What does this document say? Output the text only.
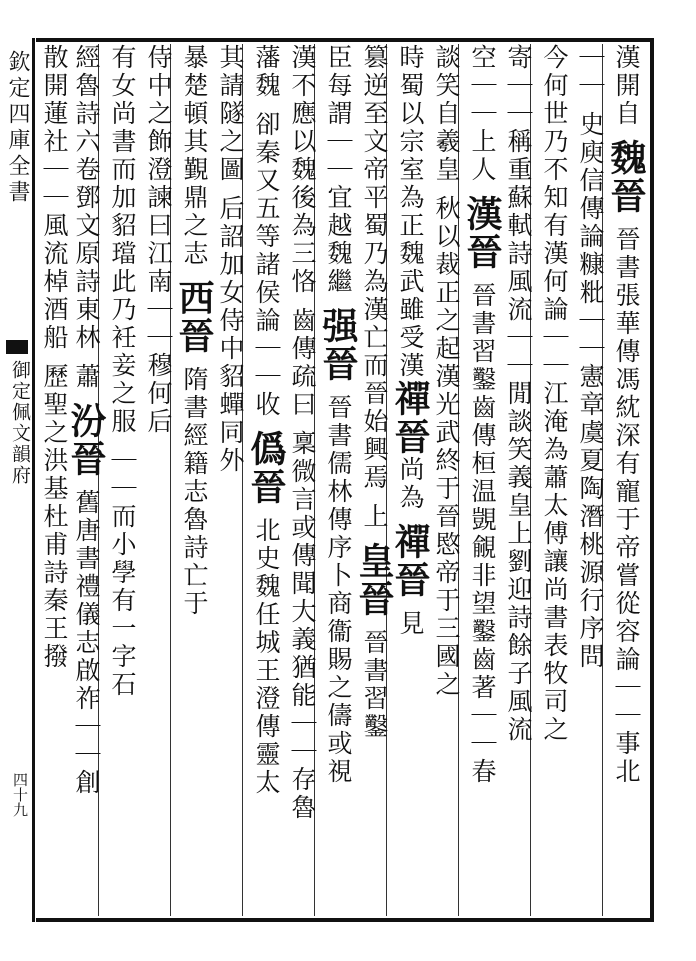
欽定四庫全書
御定佩文韻府
四十九
漢開自 魏晉 晉書張華傳馮紞深有寵于帝嘗從容論｜｜事北
｜｜ 史庾信傳論糠粃｜｜憲章虞夏陶潛桃源行序問
今何世乃不知有漢何論｜｜江淹為蕭太傅讓尚書表牧司之
寄｜｜稱重蘇軾詩風流｜｜閒談笑義皇上劉迎詩餘子風流
空｜｜上人 漢晉 晉書習鑿齒傳桓温覬覦非望鑿齒著｜｜春
談笑自羲皇 秋以裁正之起漢光武終于晉愍帝于三國之
時蜀以宗室為正魏武雖受漢禪晉尚為 禪晉 見
篡逆至文帝平蜀乃為漢亡而晉始興焉 上 皇晉 晉書習鑿
臣每謂｜｜宜越魏繼 强晉 晉書儒林傳序卜商衞賜之儔或視
漢不應以魏後為三恪 齒傳疏曰 稟微言或傳聞大義猶能｜｜存魯
藩魏 卻秦又五等諸侯論｜｜收 僞晉 北史魏任城王澄傳靈太
其請隧之圖 后詔加女侍中貂蟬同外
暴楚頓其覲鼎之志 西晉 隋書經籍志魯詩亡于
侍中之飾澄諫曰江南｜｜穆何后
有女尚書而加貂璫此乃衽妾之服 ｜｜而小學有一字石
經魯詩六卷鄧文原詩東林 蕭 汾晉 舊唐書禮儀志啟祚｜｜創
散開蓮社｜｜風流棹酒船 歷聖之洪基杜甫詩秦王撥
